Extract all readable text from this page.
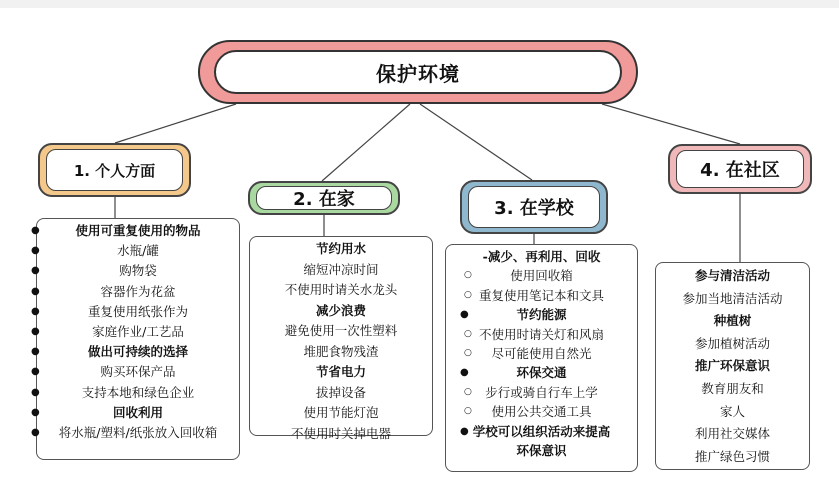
保护环境
1. 个人方面
2. 在家	3. 在学校
4. 在社区
●	使用可重复使用的物品
●	水瓶/罐
●	购物袋
●	容器作为花盆
●	重复使用纸张作为
●	家庭作业/工艺品
●	做出可持续的选择
●	购买环保产品
●	支持本地和绿色企业
●	回收利用
● 将水瓶/塑料/纸张放入回收箱
节约用水
缩短冲凉时间
不使用时请关水龙头
减少浪费
避免使用一次性塑料
堆肥食物残渣
节省电力
拔掉设备
使用节能灯泡
不使用时关掉电器
-减少、再利用、回收
○	使用回收箱
○ 重复使用笔记本和文具
●	节约能源
○ 不使用时请关灯和风扇
○ 尽可能使用自然光
●	环保交通
○ 步行或骑自行车上学
○ 使用公共交通工具
● 学校可以组织活动来提高
环保意识
参与清洁活动
参加当地清洁活动
种植树
参加植树活动
推广环保意识
教育朋友和
家人
利用社交媒体
推广绿色习惯
